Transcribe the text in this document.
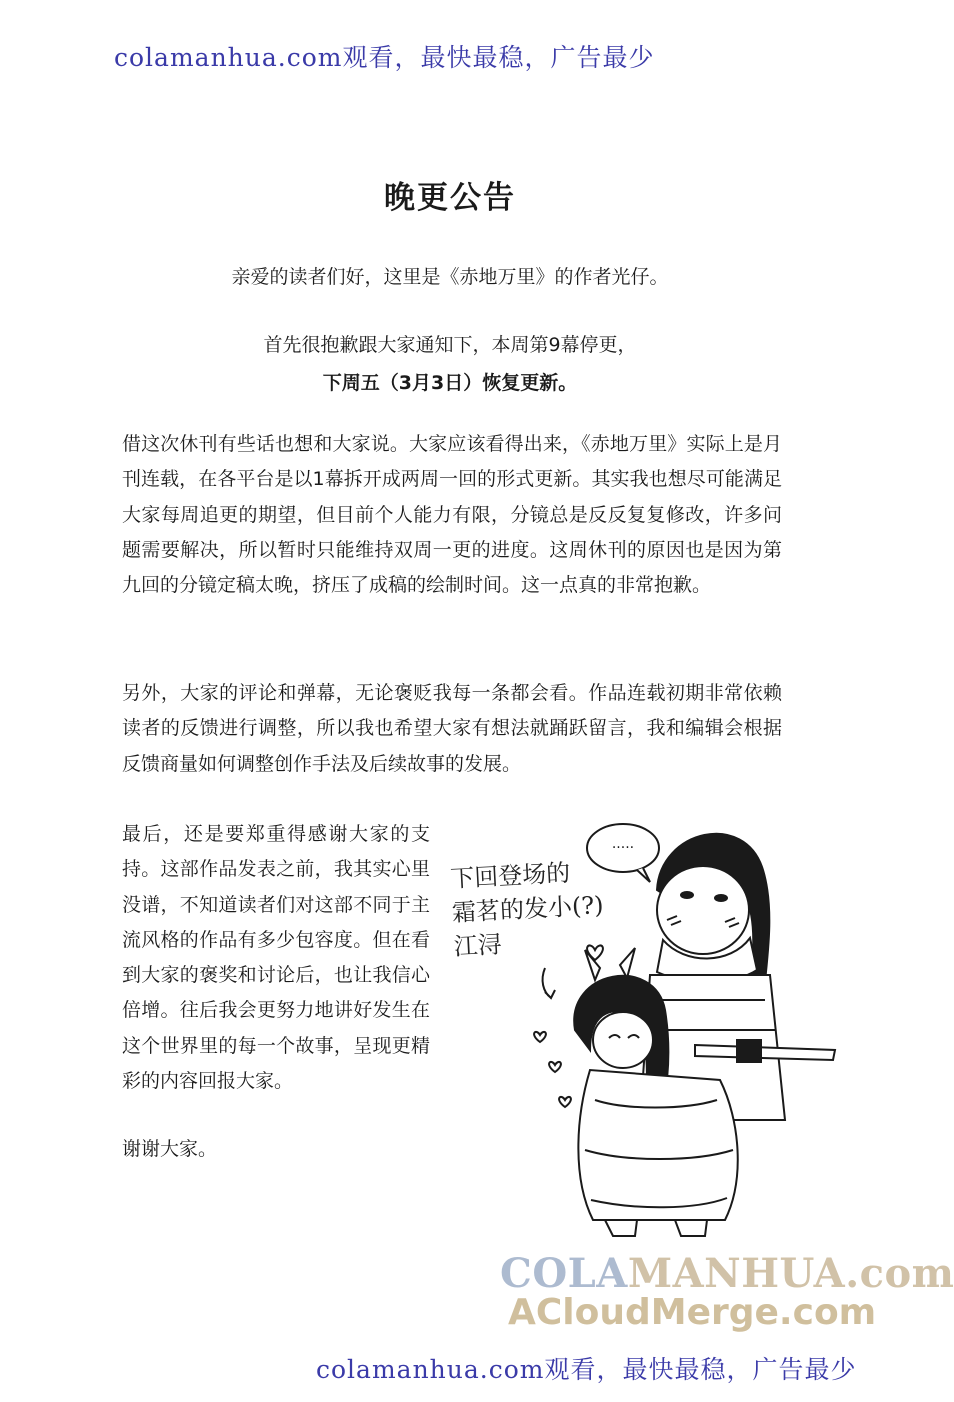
colamanhua.com观看，最快最稳，广告最少
晚更公告
亲爱的读者们好，这里是《赤地万里》的作者光仔。
首先很抱歉跟大家通知下，本周第9幕停更，
下周五（3月3日）恢复更新。

借这次休刊有些话也想和大家说。大家应该看得出来，《赤地万里》实际上是月刊连载，在各平台是以1幕拆开成两周一回的形式更新。其实我也想尽可能满足大家每周追更的期望，但目前个人能力有限，分镜总是反反复复修改，许多问题需要解决，所以暂时只能维持双周一更的进度。这周休刊的原因也是因为第九回的分镜定稿太晚，挤压了成稿的绘制时间。这一点真的非常抱歉。

另外，大家的评论和弹幕，无论褒贬我每一条都会看。作品连载初期非常依赖读者的反馈进行调整，所以我也希望大家有想法就踊跃留言，我和编辑会根据反馈商量如何调整创作手法及后续故事的发展。

最后，还是要郑重得感谢大家的支持。这部作品发表之前，我其实心里没谱，不知道读者们对这部不同于主流风格的作品有多少包容度。但在看到大家的褒奖和讨论后，也让我信心倍增。往后我会更努力地讲好发生在这个世界里的每一个故事，呈现更精彩的内容回报大家。

谢谢大家。
·····
下回登场的
霜茗的发小(?)
江浔
COLAMANHUA.com
ACloudMerge.com
colamanhua.com观看，最快最稳，广告最少
